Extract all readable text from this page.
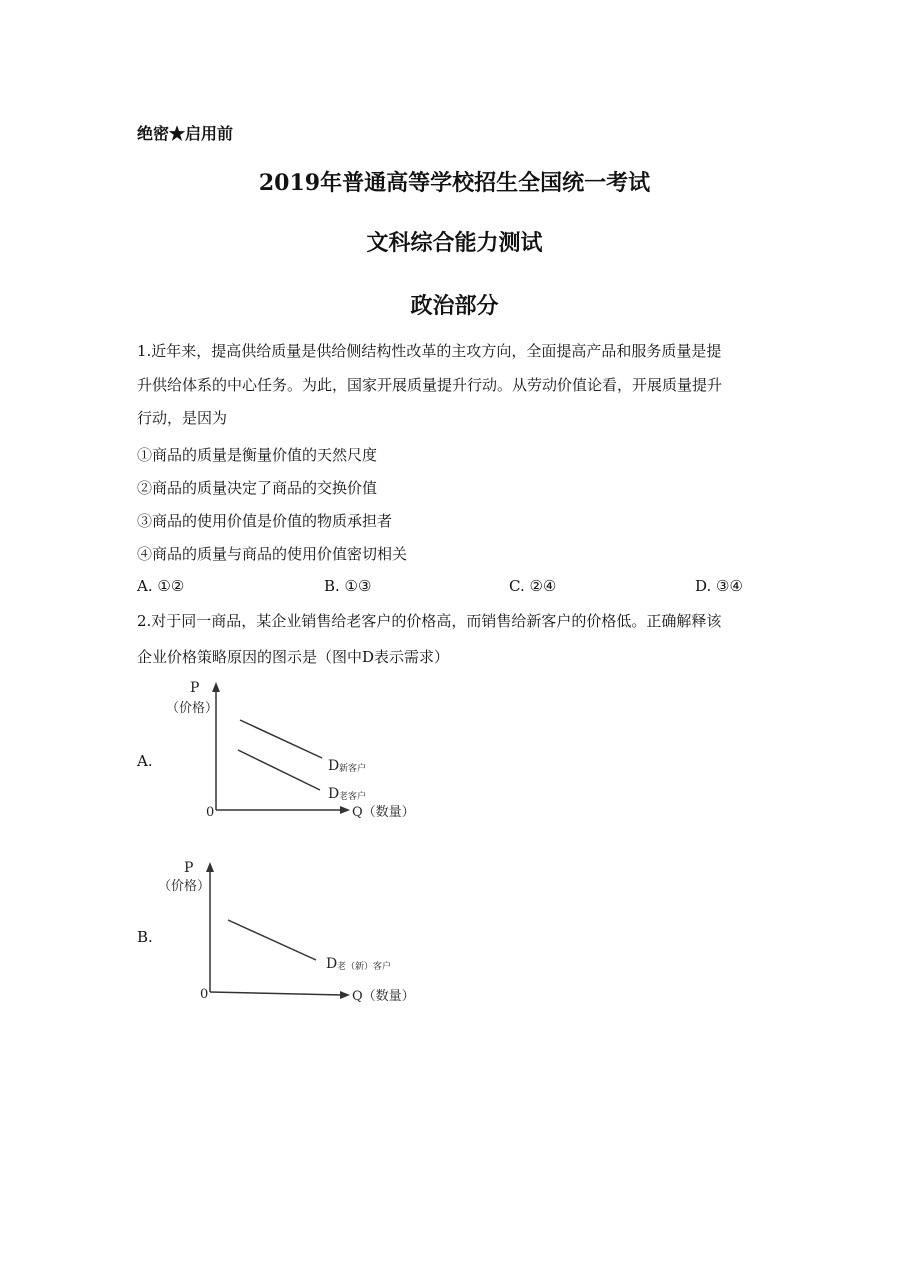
绝密★启用前
2019年普通高等学校招生全国统一考试
文科综合能力测试
政治部分
1.近年来，提高供给质量是供给侧结构性改革的主攻方向，全面提高产品和服务质量是提
升供给体系的中心任务。为此，国家开展质量提升行动。从劳动价值论看，开展质量提升
行动，是因为
①商品的质量是衡量价值的天然尺度
②商品的质量决定了商品的交换价值
③商品的使用价值是价值的物质承担者
④商品的质量与商品的使用价值密切相关
A. ①②	B. ①③	C. ②④	D. ③④
2.对于同一商品，某企业销售给老客户的价格高，而销售给新客户的价格低。正确解释该
企业价格策略原因的图示是（图中D表示需求）
A.
P
（价格）
0	Q（数量）
D 新客户
D 老客户
B.
P
（价格）
0	Q（数量）
D 老（新）客户
